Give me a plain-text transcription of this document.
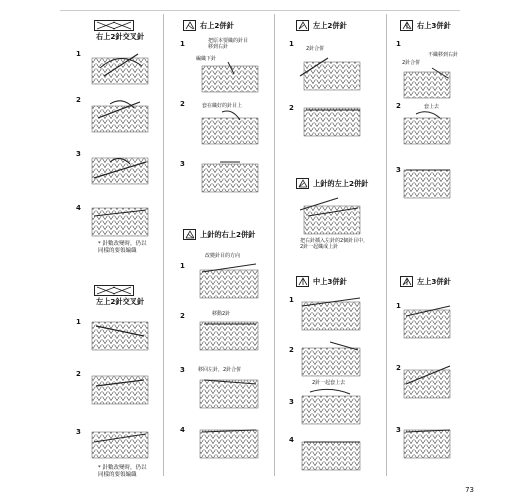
右上2針交叉針
1
2
3
4
* 針數改變時，仍以
同樣的要領編織
左上2針交叉針
1
2
3
* 針數改變時，仍以
同樣的要領編織
右上2併針
1	把原本要織的針目
移到右針
編織下針
2	套在織好的針目上
3
上針的右上2併針
改變針目的方向
1
2	移動2針
3	移回左針，2針合併
4
左上2併針
1
2針合併
2
上針的左上2併針
把右針插入左針的2個針目中，
2針一起織成上針
中上3併針
1
2
3
2針一起套上去
4
右上3併針
1
不織移到右針
2針合併
2	套上去
3
左上3併針
1
2
3
73
